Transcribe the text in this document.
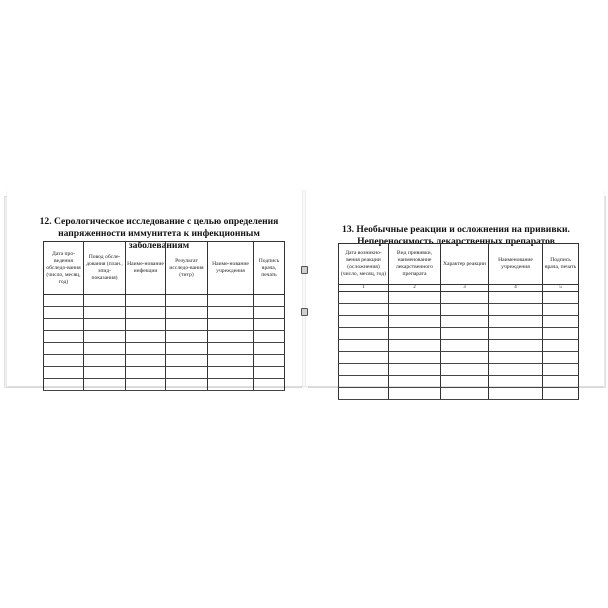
12. Серологическое исследование с целью определения напряженности иммунитета к инфекционным заболеваниям
Дата про-ведения обследо-вания (число, месяц, год)	Повод обсле-дования (план., эпид-показания)	Наиме-нование инфекции	Результат исследо-вания (титр)	Наиме-нование учреждения	Подпись врача, печать

13. Необычные реакции и осложнения на прививки. Непереносимость лекарственных препаратов
Дата возникно-вения реакции (осложнения) (число, месяц, год)	Вид прививки, наименование лекарственного препарата	Характер реакции	Наименование учреждения	Подпись врача, печать
1	2	3	4	5
